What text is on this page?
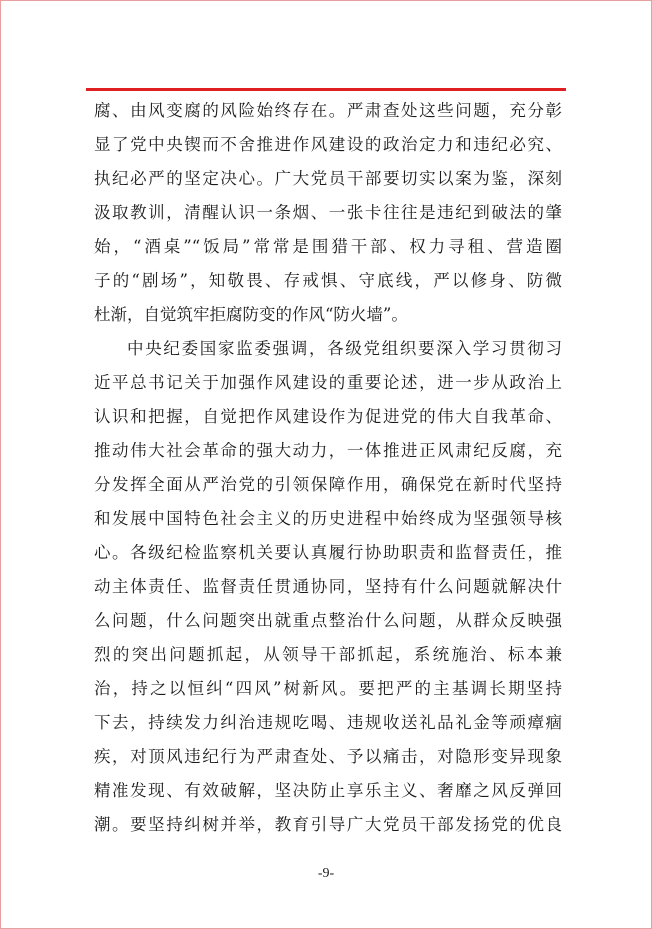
腐、由风变腐的风险始终存在。严肃查处这些问题，充分彰
显了党中央锲而不舍推进作风建设的政治定力和违纪必究、
执纪必严的坚定决心。广大党员干部要切实以案为鉴，深刻
汲取教训，清醒认识一条烟、一张卡往往是违纪到破法的肇
始，“酒桌”“饭局”常常是围猎干部、权力寻租、营造圈
子的“剧场”，知敬畏、存戒惧、守底线，严以修身、防微
杜渐，自觉筑牢拒腐防变的作风“防火墙”。
中央纪委国家监委强调，各级党组织要深入学习贯彻习
近平总书记关于加强作风建设的重要论述，进一步从政治上
认识和把握，自觉把作风建设作为促进党的伟大自我革命、
推动伟大社会革命的强大动力，一体推进正风肃纪反腐，充
分发挥全面从严治党的引领保障作用，确保党在新时代坚持
和发展中国特色社会主义的历史进程中始终成为坚强领导核
心。各级纪检监察机关要认真履行协助职责和监督责任，推
动主体责任、监督责任贯通协同，坚持有什么问题就解决什
么问题，什么问题突出就重点整治什么问题，从群众反映强
烈的突出问题抓起，从领导干部抓起，系统施治、标本兼
治，持之以恒纠“四风”树新风。要把严的主基调长期坚持
下去，持续发力纠治违规吃喝、违规收送礼品礼金等顽瘴痼
疾，对顶风违纪行为严肃查处、予以痛击，对隐形变异现象
精准发现、有效破解，坚决防止享乐主义、奢靡之风反弹回
潮。要坚持纠树并举，教育引导广大党员干部发扬党的优良
-9-
